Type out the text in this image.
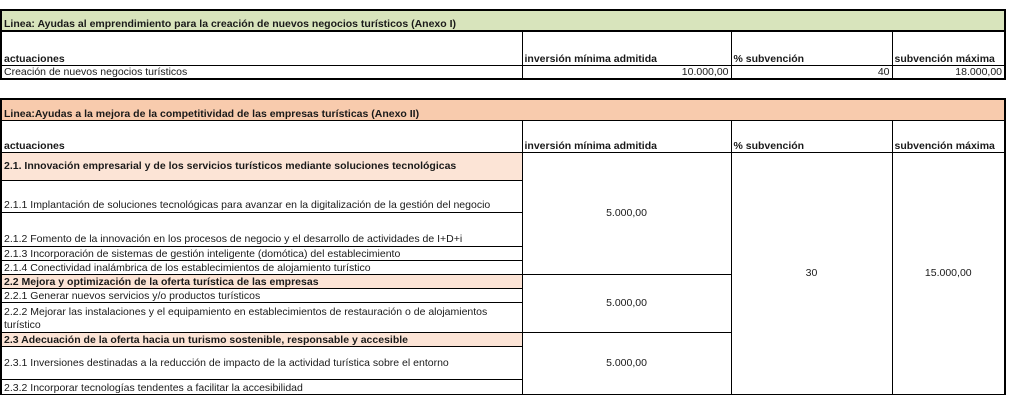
Linea: Ayudas al emprendimiento para la creación de nuevos negocios turísticos (Anexo I)			

actuaciones	inversión mínima admitida	% subvención	subvención máxima
Creación de nuevos negocios turísticos	10.000,00	40	18.000,00
Linea:Ayudas a la mejora de la competitividad de las empresas turísticas (Anexo II)			

actuaciones	inversión mínima admitida	% subvención	subvención máxima
2.1. Innovación empresarial y de los servicios turísticos mediante soluciones tecnológicas	5.000,00	30	15.000,00
2.1.1 Implantación de soluciones tecnológicas para avanzar en la digitalización de la gestión del negocio			
2.1.2 Fomento de la innovación en los procesos de negocio y el desarrollo de actividades de I+D+i			
2.1.3 Incorporación de sistemas de gestión inteligente (domótica) del establecimiento			
2.1.4 Conectividad inalámbrica de los establecimientos de alojamiento turístico			
2.2 Mejora y optimización de la oferta turística de las empresas	5.000,00		
2.2.1 Generar nuevos servicios y/o productos turísticos			
2.2.2 Mejorar las instalaciones y el equipamiento en establecimientos de restauración o de alojamientos turístico			
2.3 Adecuación de la oferta hacia un turismo sostenible, responsable y accesible	5.000,00		
2.3.1 Inversiones destinadas a la reducción de impacto de la actividad turística sobre el entorno			
2.3.2 Incorporar tecnologías tendentes a facilitar la accesibilidad			
